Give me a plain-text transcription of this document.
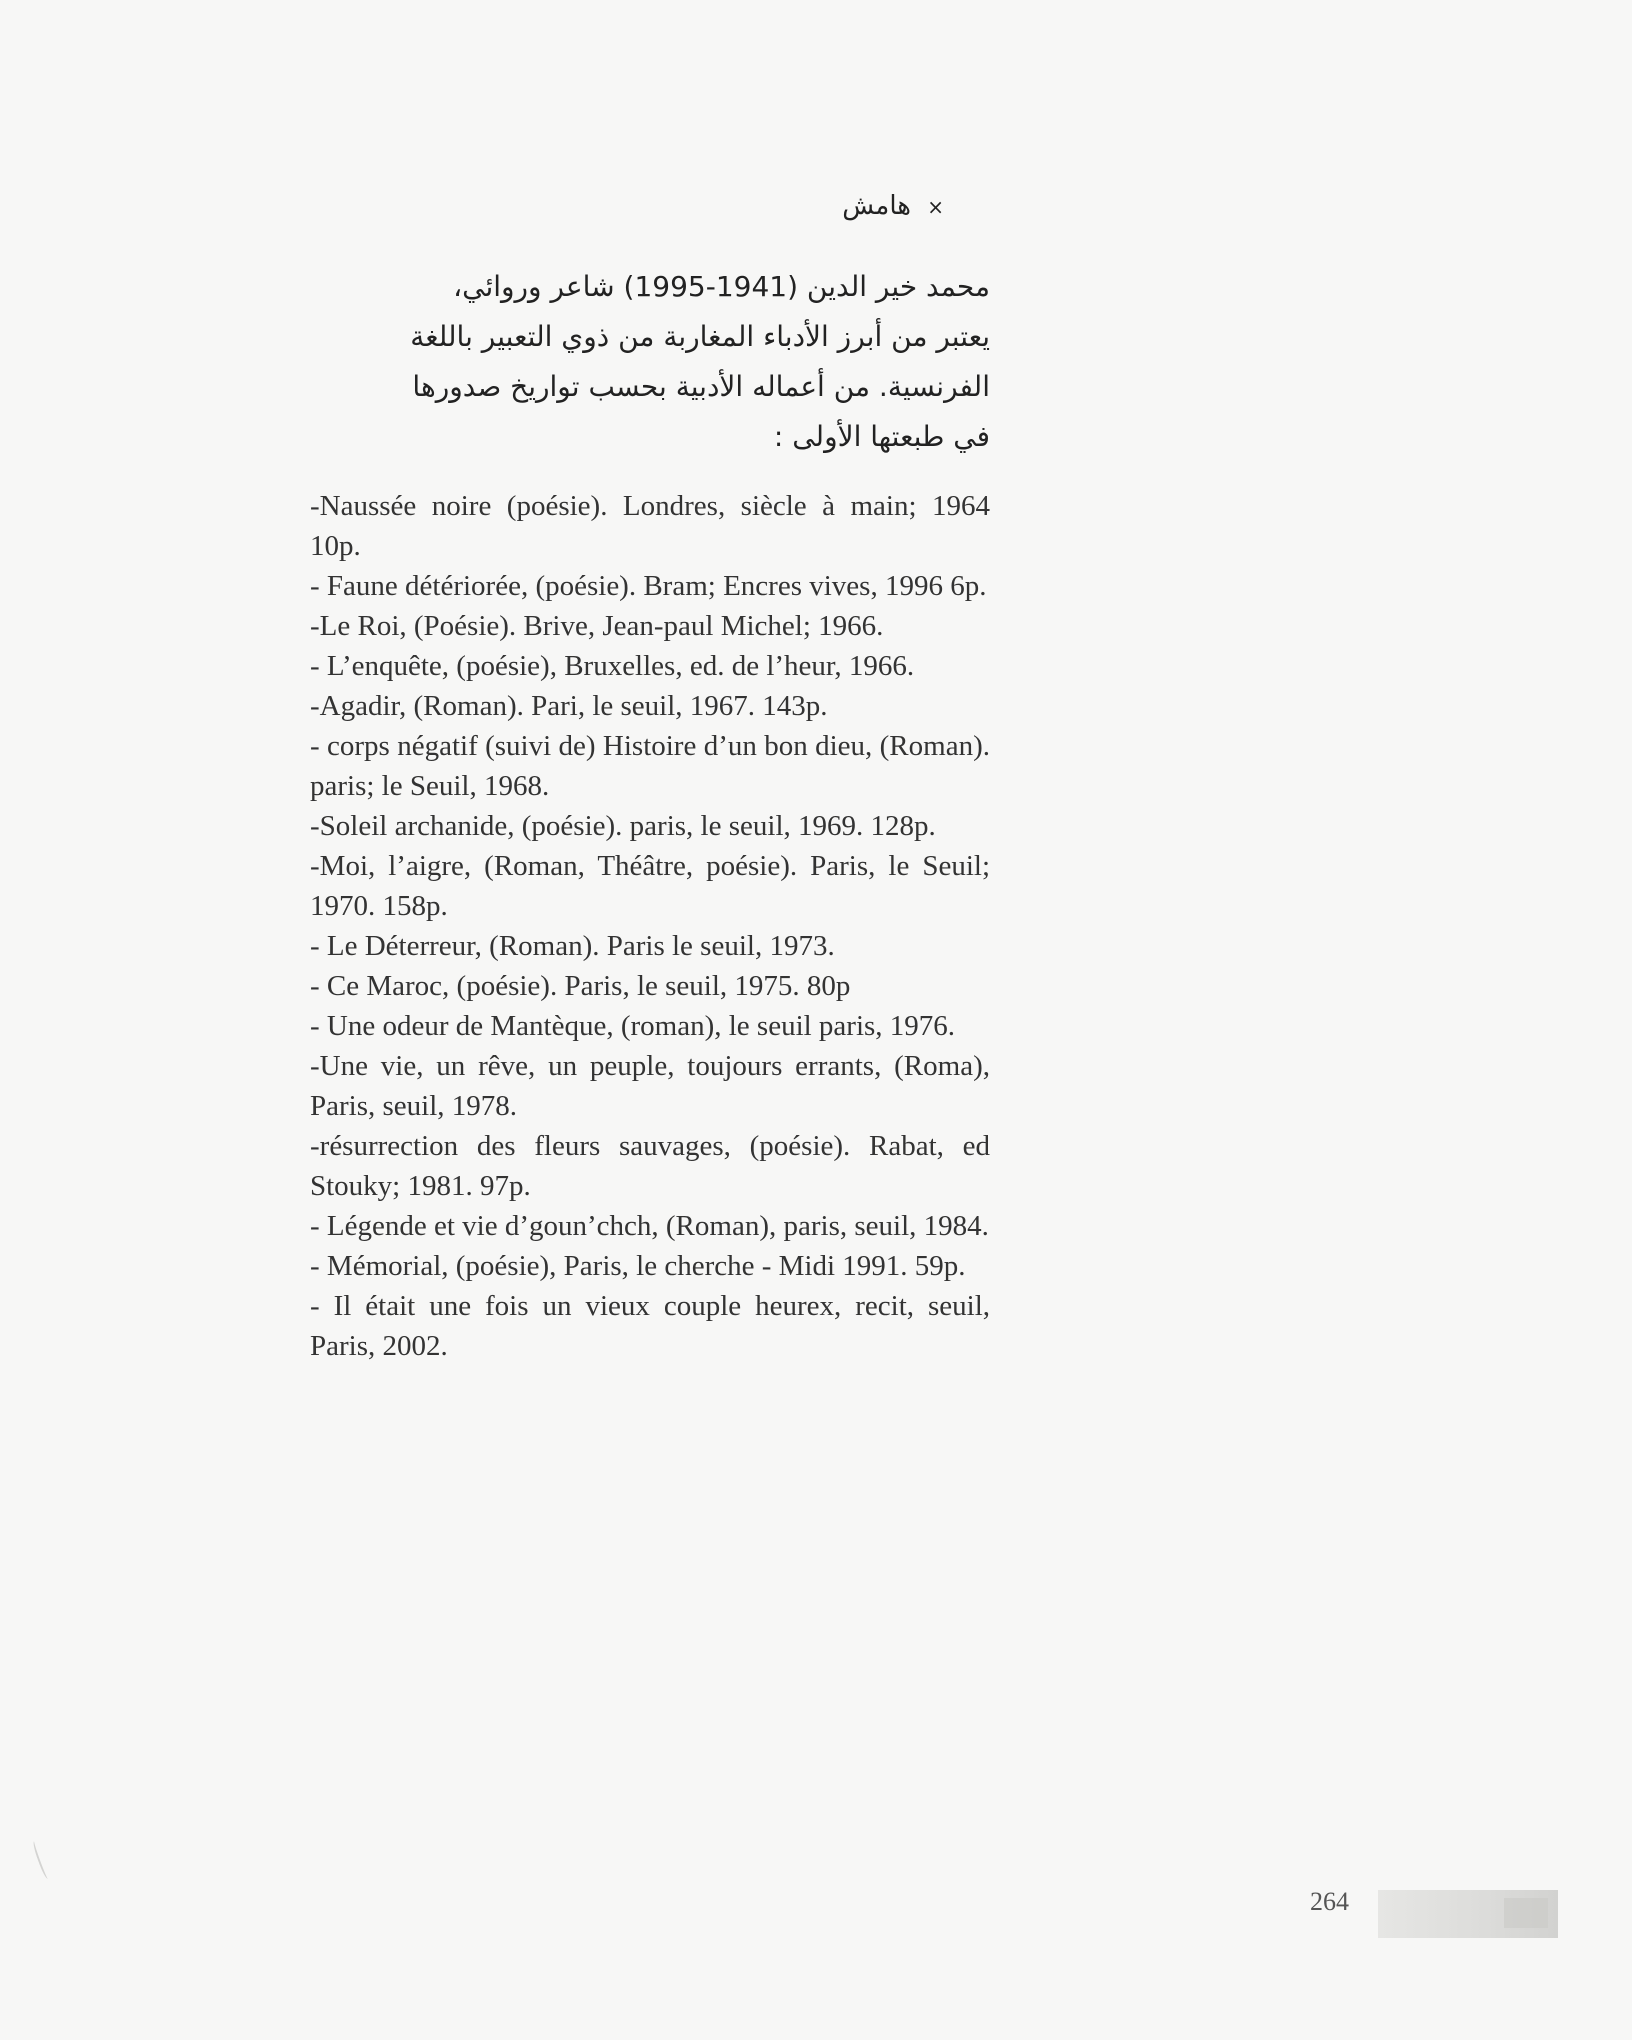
× هامش
محمد خير الدين (1941-1995) شاعر وروائي،
يعتبر من أبرز الأدباء المغاربة من ذوي التعبير باللغة
الفرنسية. من أعماله الأدبية بحسب تواريخ صدورها
في طبعتها الأولى :
-Naussée noire (poésie). Londres, siècle à main; 1964 10p.
- Faune détériorée, (poésie). Bram; Encres vives, 1996 6p.
-Le Roi, (Poésie). Brive, Jean-paul Michel; 1966.
- L’enquête, (poésie), Bruxelles, ed. de l’heur, 1966.
-Agadir, (Roman). Pari, le seuil, 1967. 143p.
- corps négatif (suivi de) Histoire d’un bon dieu, (Roman). paris; le Seuil, 1968.
-Soleil archanide, (poésie). paris, le seuil, 1969. 128p.
-Moi, l’aigre, (Roman, Théâtre, poésie). Paris, le Seuil; 1970. 158p.
- Le Déterreur, (Roman). Paris le seuil, 1973.
- Ce Maroc, (poésie). Paris, le seuil, 1975. 80p
- Une odeur de Mantèque, (roman), le seuil paris, 1976.
-Une vie, un rêve, un peuple, toujours errants, (Roma), Paris, seuil, 1978.
-résurrection des fleurs sauvages, (poésie). Rabat, ed Stouky; 1981. 97p.
- Légende et vie d’goun’chch, (Roman), paris, seuil, 1984.
- Mémorial, (poésie), Paris, le cherche - Midi 1991. 59p.
- Il était une fois un vieux couple heurex, recit, seuil, Paris, 2002.
264
